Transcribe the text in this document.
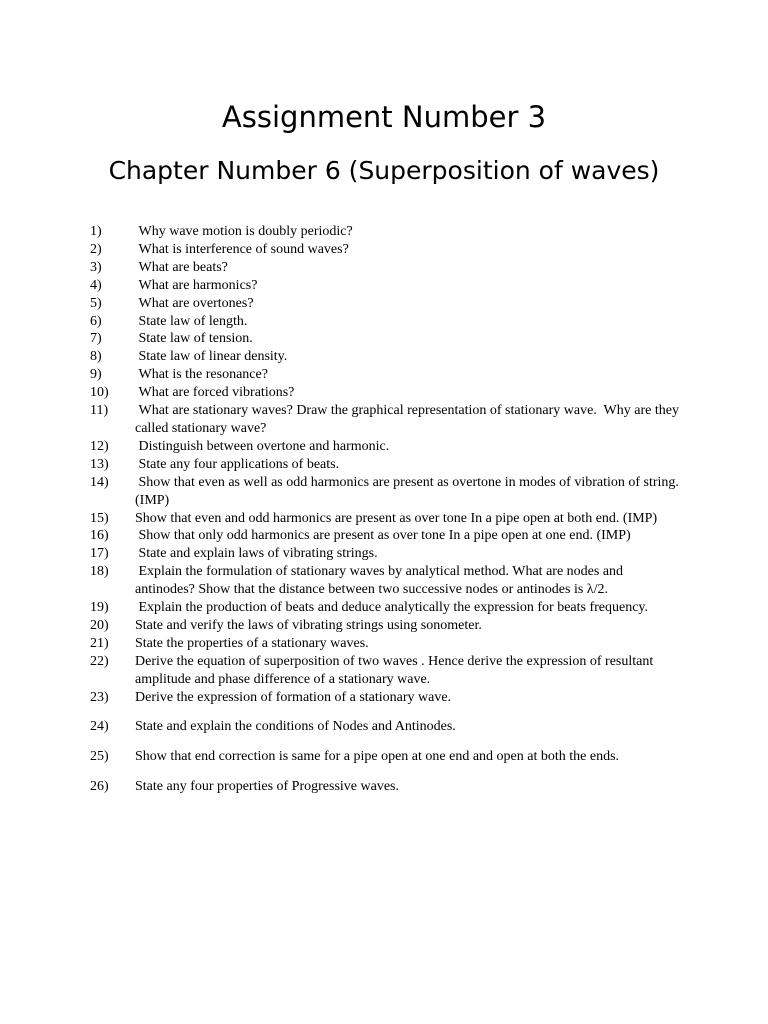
Assignment Number 3
Chapter Number 6 (Superposition of waves)
1)	Why wave motion is doubly periodic?
2)	What is interference of sound waves?
3)	What are beats?
4)	What are harmonics?
5)	What are overtones?
6)	State law of length.
7)	State law of tension.
8)	State law of linear density.
9)	What is the resonance?
10)	What are forced vibrations?
11)	What are stationary waves? Draw the graphical representation of stationary wave.  Why are they called stationary wave?
12)	Distinguish between overtone and harmonic.
13)	State any four applications of beats.
14)	Show that even as well as odd harmonics are present as overtone in modes of vibration of string. (IMP)
15)	Show that even and odd harmonics are present as over tone In a pipe open at both end. (IMP)
16)	Show that only odd harmonics are present as over tone In a pipe open at one end. (IMP)
17)	State and explain laws of vibrating strings.
18)	Explain the formulation of stationary waves by analytical method. What are nodes and antinodes? Show that the distance between two successive nodes or antinodes is λ/2.
19)	Explain the production of beats and deduce analytically the expression for beats frequency.
20)	State and verify the laws of vibrating strings using sonometer.
21)	State the properties of a stationary waves.
22)	Derive the equation of superposition of two waves . Hence derive the expression of resultant amplitude and phase difference of a stationary wave.
23)	Derive the expression of formation of a stationary wave.
24)	State and explain the conditions of Nodes and Antinodes.
25)	Show that end correction is same for a pipe open at one end and open at both the ends.
26)	State any four properties of Progressive waves.
